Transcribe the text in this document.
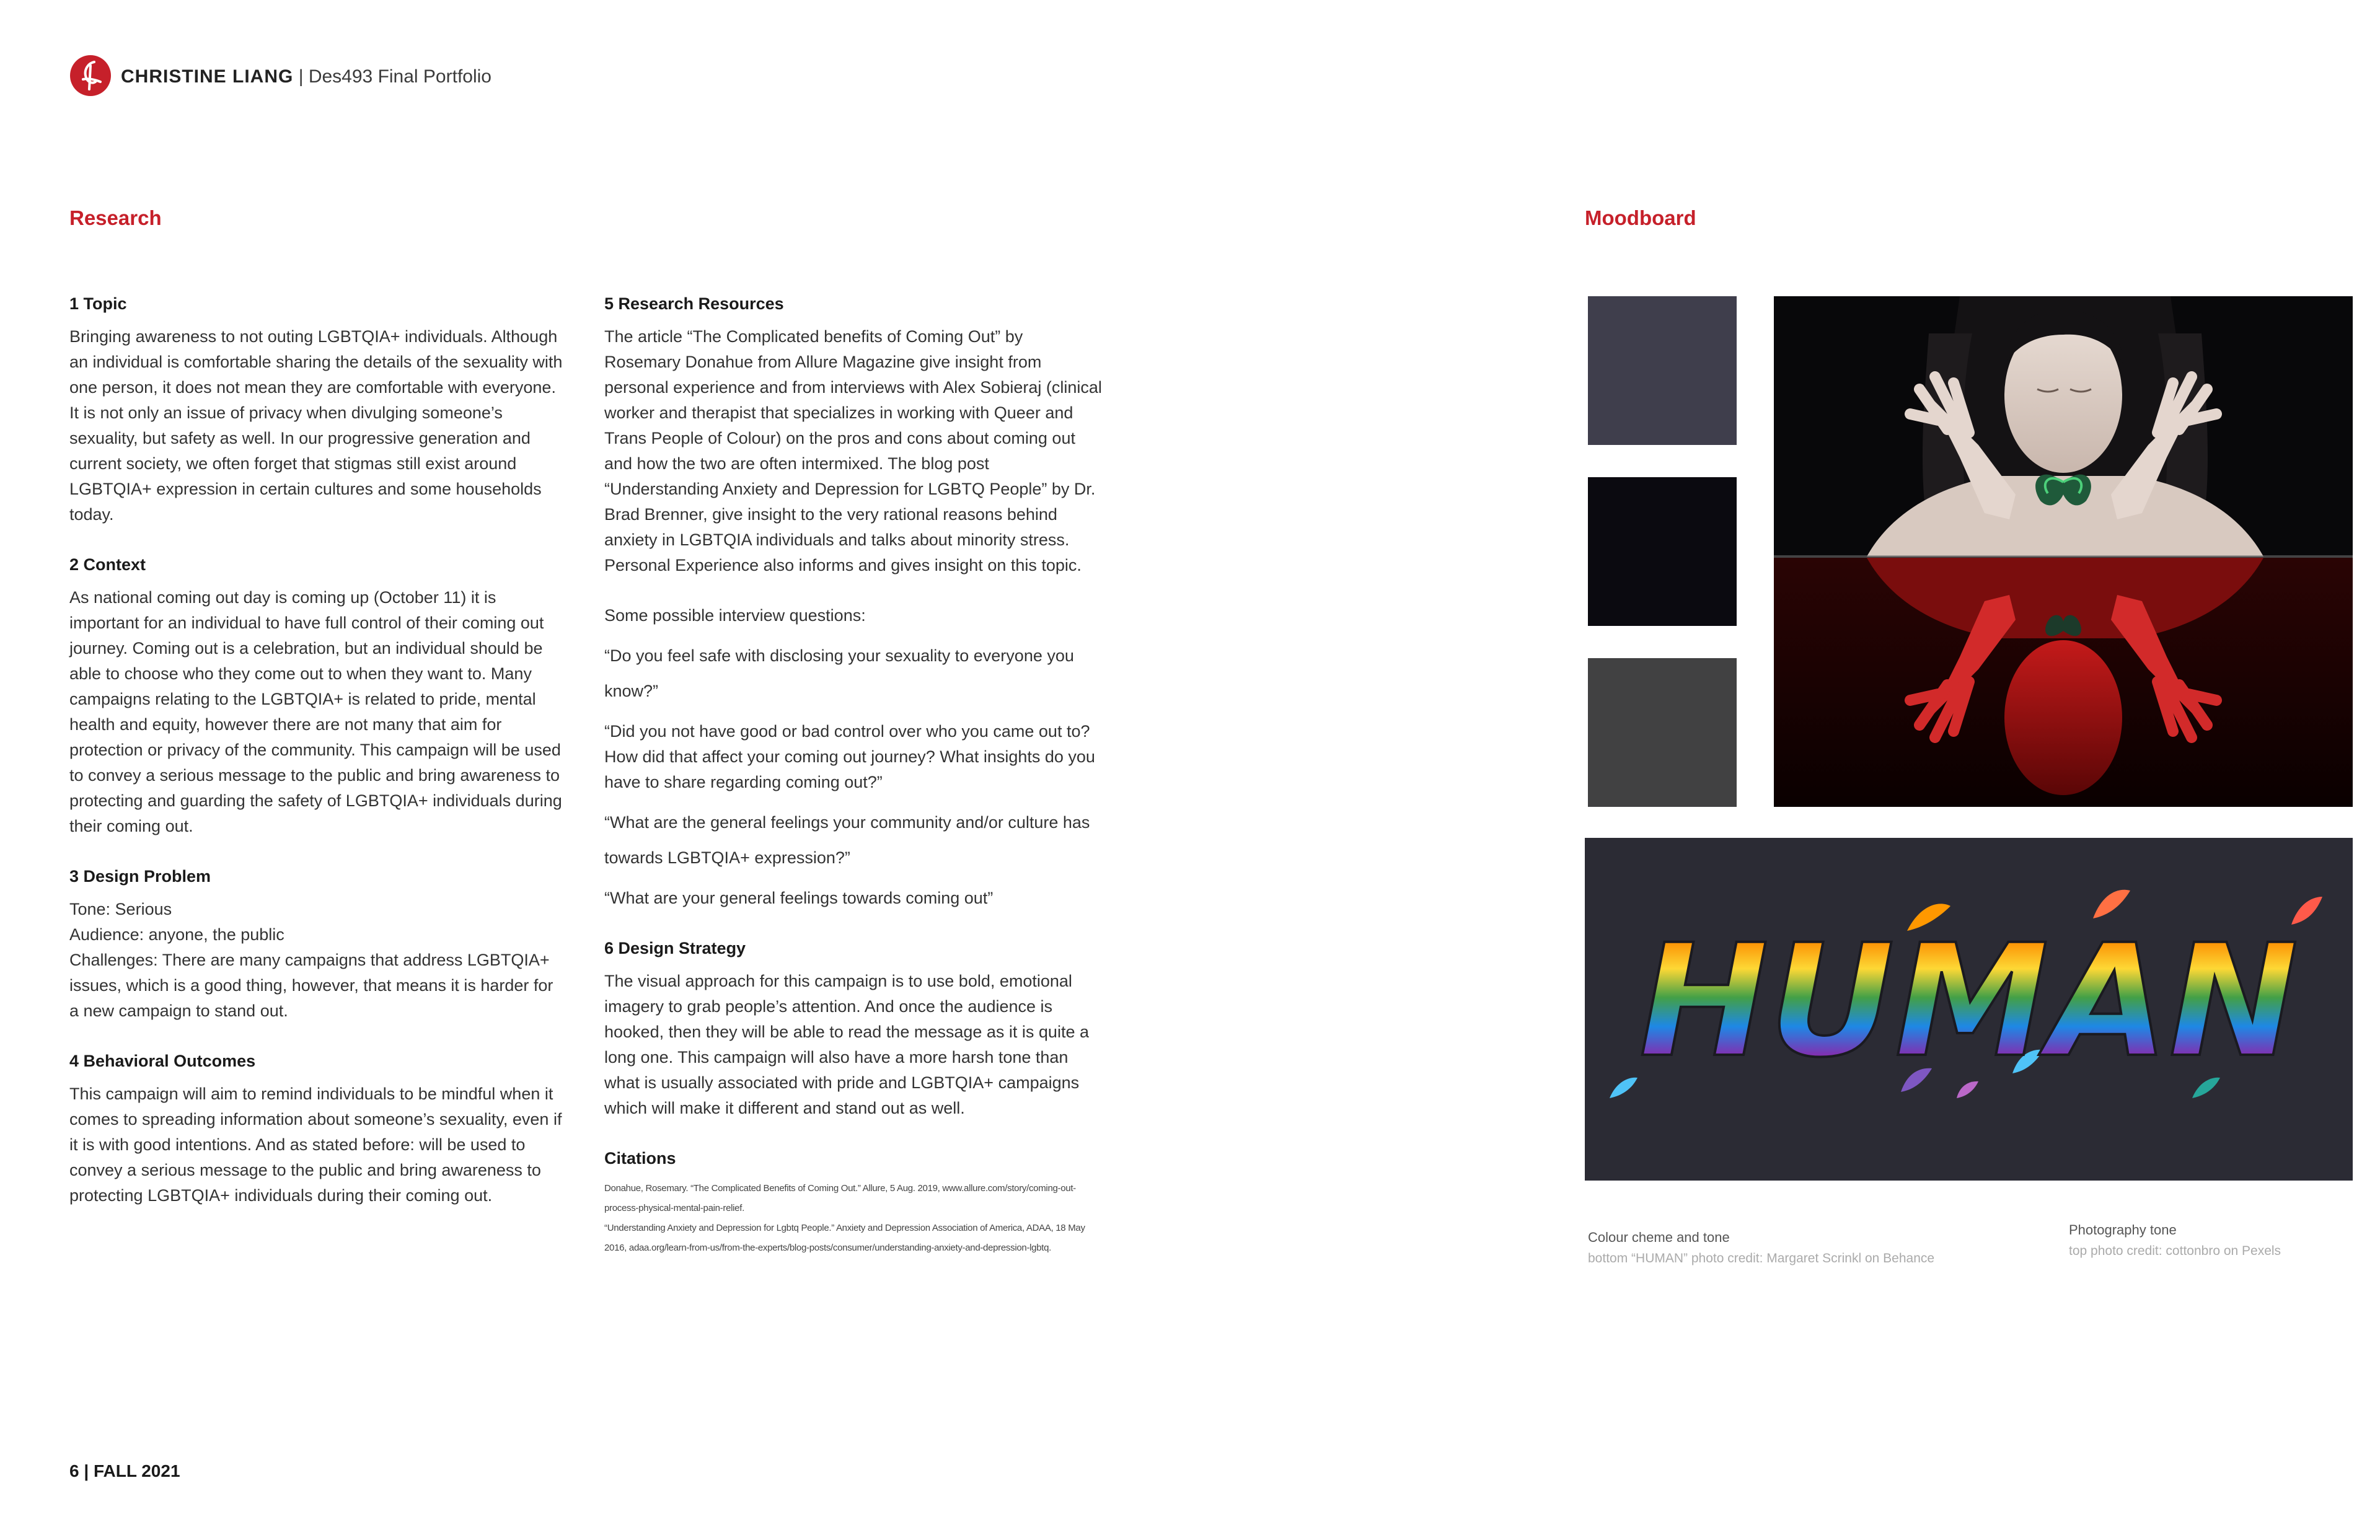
CHRISTINE LIANG | Des493 Final Portfolio
Research	Moodboard
1 Topic

Bringing awareness to not outing LGBTQIA+ individuals. Although an individual is comfortable sharing the details of the sexuality with one person, it does not mean they are comfortable with everyone. It is not only an issue of privacy when divulging someone’s sexuality, but safety as well. In our progressive generation and current society, we often forget that stigmas still exist around LGBTQIA+ expression in certain cultures and some households today.

2 Context

As national coming out day is coming up (October 11) it is important for an individual to have full control of their coming out journey. Coming out is a celebration, but an individual should be able to choose who they come out to when they want to. Many campaigns relating to the LGBTQIA+ is related to pride, mental health and equity, however there are not many that aim for protection or privacy of the community. This campaign will be used to convey a serious message to the public and bring awareness to protecting and guarding the safety of LGBTQIA+ individuals during their coming out.

3 Design Problem

Tone: Serious

Audience: anyone, the public

Challenges: There are many campaigns that address LGBTQIA+ issues, which is a good thing, however, that means it is harder for a new campaign to stand out.

4 Behavioral Outcomes

This campaign will aim to remind individuals to be mindful when it comes to spreading information about someone’s sexuality, even if it is with good intentions. And as stated before: will be used to convey a serious message to the public and bring awareness to protecting LGBTQIA+ individuals during their coming out.

5 Research Resources

The article “The Complicated benefits of Coming Out” by Rosemary Donahue from Allure Magazine give insight from personal experience and from interviews with Alex Sobieraj (clinical worker and therapist that specializes in working with Queer and Trans People of Colour) on the pros and cons about coming out and how the two are often intermixed. The blog post “Understanding Anxiety and Depression for LGBTQ People” by Dr. Brad Brenner, give insight to the very rational reasons behind anxiety in LGBTQIA individuals and talks about minority stress. Personal Experience also informs and gives insight on this topic.

Some possible interview questions:

“Do you feel safe with disclosing your sexuality to everyone you know?”

“Did you not have good or bad control over who you came out to? How did that affect your coming out journey? What insights do you have to share regarding coming out?”

“What are the general feelings your community and/or culture has towards LGBTQIA+ expression?”

“What are your general feelings towards coming out”

6 Design Strategy

The visual approach for this campaign is to use bold, emotional imagery to grab people’s attention. And once the audience is hooked, then they will be able to read the message as it is quite a long one. This campaign will also have a more harsh tone than what is usually associated with pride and LGBTQIA+ campaigns which will make it different and stand out as well.

Citations

Donahue, Rosemary. “The Complicated Benefits of Coming Out.” Allure, 5 Aug. 2019, www.allure.com/story/coming-out-process-physical-mental-pain-relief.

“Understanding Anxiety and Depression for Lgbtq People.” Anxiety and Depression Association of America, ADAA, 18 May 2016, adaa.org/learn-from-us/from-the-experts/blog-posts/consumer/understanding-anxiety-and-depression-lgbtq.

HUMAN
Colour cheme and tone
bottom “HUMAN” photo credit: Margaret Scrinkl on Behance
Photography tone
top photo credit: cottonbro on Pexels
6 | FALL 2021
